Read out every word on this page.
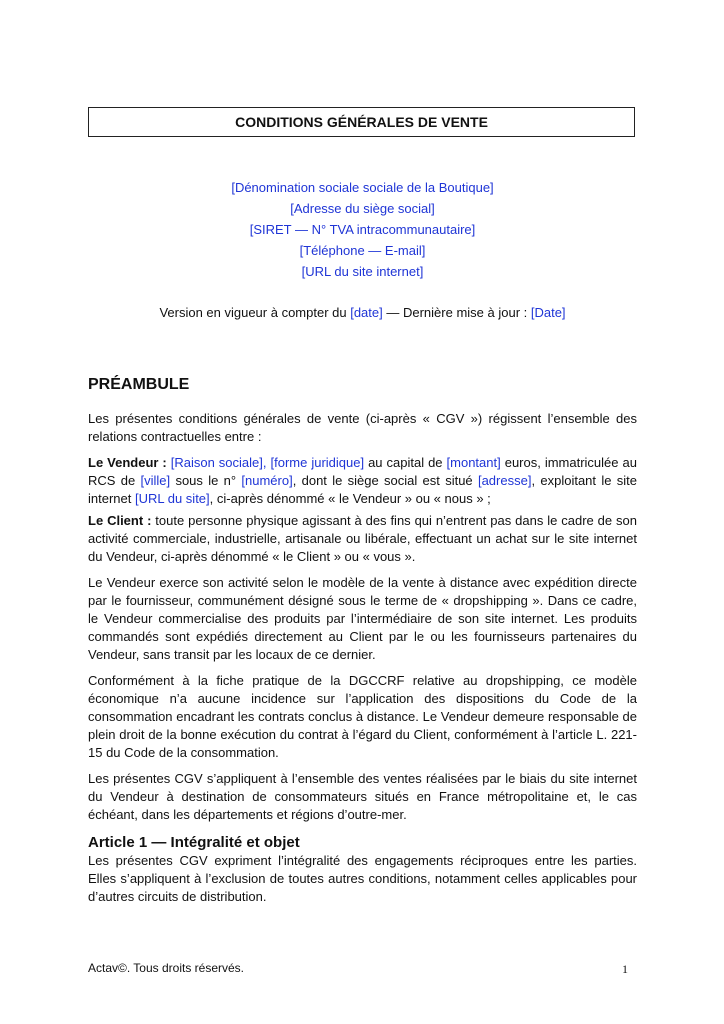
CONDITIONS GÉNÉRALES DE VENTE
[Dénomination sociale sociale de la Boutique]
[Adresse du siège social]
[SIRET — N° TVA intracommunautaire]
[Téléphone — E-mail]
[URL du site internet]
Version en vigueur à compter du [date] — Dernière mise à jour : [Date]
PRÉAMBULE

Les présentes conditions générales de vente (ci-après « CGV ») régissent l’ensemble des relations contractuelles entre :

Le Vendeur : [Raison sociale], [forme juridique] au capital de [montant] euros, immatriculée au RCS de [ville] sous le n° [numéro], dont le siège social est situé [adresse], exploitant le site internet [URL du site], ci-après dénommé « le Vendeur » ou « nous » ;

Le Client : toute personne physique agissant à des fins qui n’entrent pas dans le cadre de son activité commerciale, industrielle, artisanale ou libérale, effectuant un achat sur le site internet du Vendeur, ci-après dénommé « le Client » ou « vous ».

Le Vendeur exerce son activité selon le modèle de la vente à distance avec expédition directe par le fournisseur, communément désigné sous le terme de « dropshipping ». Dans ce cadre, le Vendeur commercialise des produits par l’intermédiaire de son site internet. Les produits commandés sont expédiés directement au Client par le ou les fournisseurs partenaires du Vendeur, sans transit par les locaux de ce dernier.

Conformément à la fiche pratique de la DGCCRF relative au dropshipping, ce modèle économique n’a aucune incidence sur l’application des dispositions du Code de la consommation encadrant les contrats conclus à distance. Le Vendeur demeure responsable de plein droit de la bonne exécution du contrat à l’égard du Client, conformément à l’article L. 221-15 du Code de la consommation.

Les présentes CGV s’appliquent à l’ensemble des ventes réalisées par le biais du site internet du Vendeur à destination de consommateurs situés en France métropolitaine et, le cas échéant, dans les départements et régions d’outre-mer.

Article 1 — Intégralité et objet

Les présentes CGV expriment l’intégralité des engagements réciproques entre les parties. Elles s’appliquent à l’exclusion de toutes autres conditions, notamment celles applicables pour d’autres circuits de distribution.

Actav©. Tous droits réservés.	1
